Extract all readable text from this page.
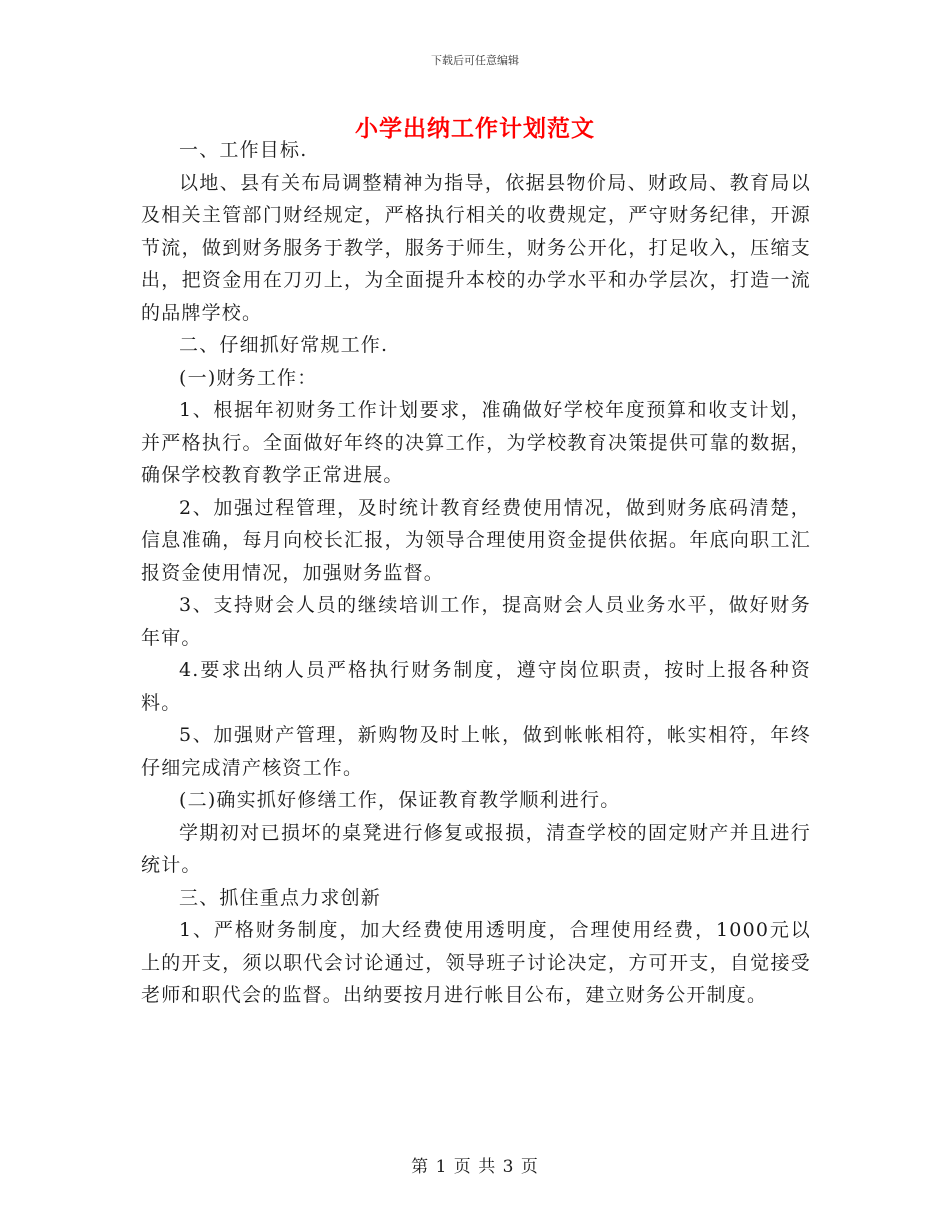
下载后可任意编辑
小学出纳工作计划范文

一、工作目标.

以地、县有关布局调整精神为指导，依据县物价局、财政局、教育局以及相关主管部门财经规定，严格执行相关的收费规定，严守财务纪律，开源节流，做到财务服务于教学，服务于师生，财务公开化，打足收入，压缩支出，把资金用在刀刃上，为全面提升本校的办学水平和办学层次，打造一流的品牌学校。

二、仔细抓好常规工作.

(一)财务工作：

1、根据年初财务工作计划要求，准确做好学校年度预算和收支计划，并严格执行。全面做好年终的决算工作，为学校教育决策提供可靠的数据，确保学校教育教学正常进展。

2、加强过程管理，及时统计教育经费使用情况，做到财务底码清楚，信息准确，每月向校长汇报，为领导合理使用资金提供依据。年底向职工汇报资金使用情况，加强财务监督。

3、支持财会人员的继续培训工作，提高财会人员业务水平，做好财务年审。

4.要求出纳人员严格执行财务制度，遵守岗位职责，按时上报各种资料。

5、加强财产管理，新购物及时上帐，做到帐帐相符，帐实相符，年终仔细完成清产核资工作。

(二)确实抓好修缮工作，保证教育教学顺利进行。

学期初对已损坏的桌凳进行修复或报损，清查学校的固定财产并且进行统计。

三、抓住重点力求创新

1、严格财务制度，加大经费使用透明度，合理使用经费，1000元以上的开支，须以职代会讨论通过，领导班子讨论决定，方可开支，自觉接受老师和职代会的监督。出纳要按月进行帐目公布，建立财务公开制度。

第 1 页 共 3 页
